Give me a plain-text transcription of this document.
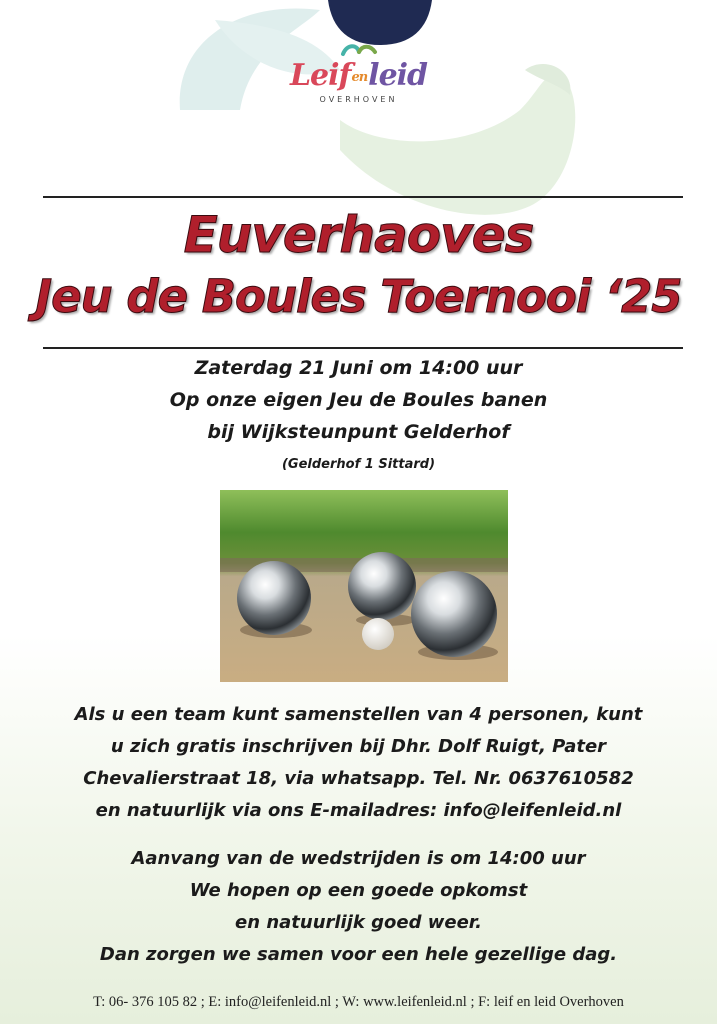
Leifenleid
OVERHOVEN
Euverhaoves
Jeu de Boules Toernooi ‘25
Zaterdag 21 Juni om 14:00 uur
Op onze eigen Jeu de Boules banen
bij Wijksteunpunt Gelderhof
(Gelderhof 1 Sittard)
Als u een team kunt samenstellen van 4 personen, kunt
u zich gratis inschrijven bij Dhr. Dolf Ruigt, Pater
Chevalierstraat 18, via whatsapp. Tel. Nr. 0637610582
en natuurlijk via ons E-mailadres: info@leifenleid.nl
Aanvang van de wedstrijden is om 14:00 uur
We hopen op een goede opkomst
en natuurlijk goed weer.
Dan zorgen we samen voor een hele gezellige dag.
T: 06- 376 105 82 ; E: info@leifenleid.nl ; W: www.leifenleid.nl ; F: leif en leid Overhoven
